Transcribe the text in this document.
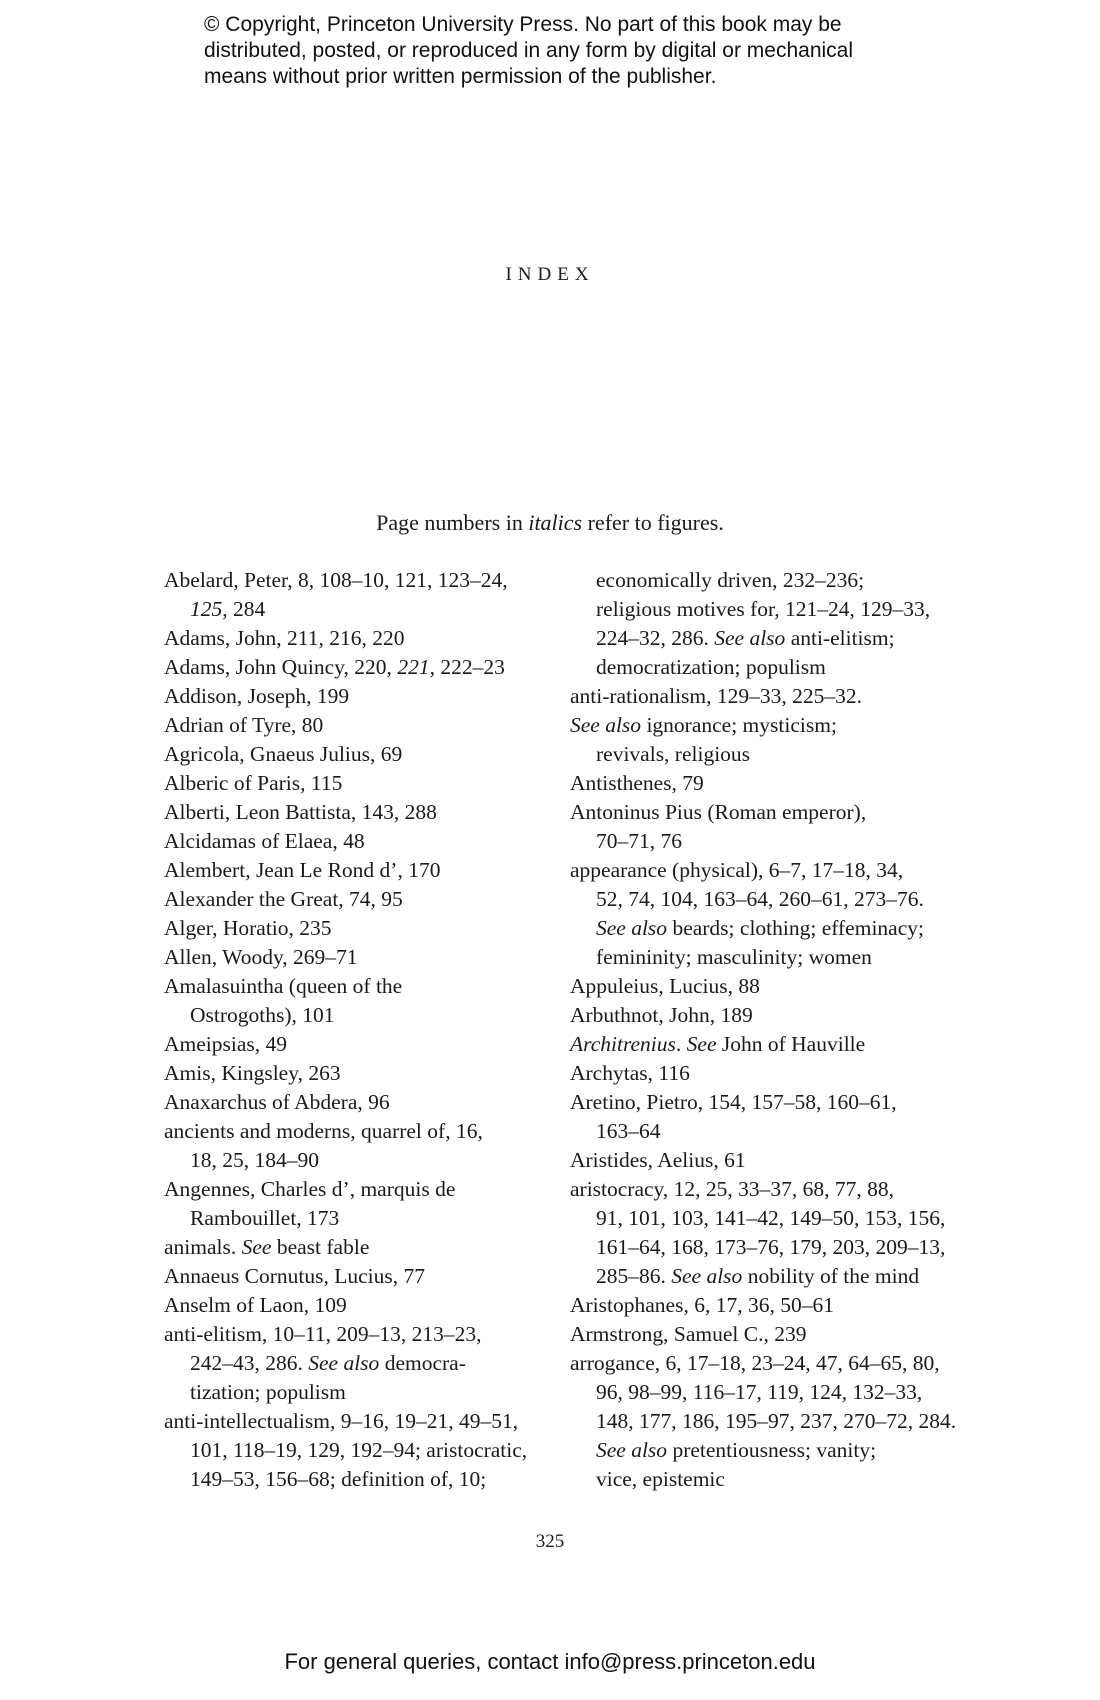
© Copyright, Princeton University Press. No part of this book may be
distributed, posted, or reproduced in any form by digital or mechanical
means without prior written permission of the publisher.
index
Page numbers in italics refer to figures.
Abelard, Peter, 8, 108–10, 121, 123–24,
125, 284
Adams, John, 211, 216, 220
Adams, John Quincy, 220, 221, 222–23
Addison, Joseph, 199
Adrian of Tyre, 80
Agricola, Gnaeus Julius, 69
Alberic of Paris, 115
Alberti, Leon Battista, 143, 288
Alcidamas of Elaea, 48
Alembert, Jean Le Rond d’, 170
Alexander the Great, 74, 95
Alger, Horatio, 235
Allen, Woody, 269–71
Amalasuintha (queen of the
Ostrogoths), 101
Ameipsias, 49
Amis, Kingsley, 263
Anaxarchus of Abdera, 96
ancients and moderns, quarrel of, 16,
18, 25, 184–90
Angennes, Charles d’, marquis de
Rambouillet, 173
animals. See beast fable
Annaeus Cornutus, Lucius, 77
Anselm of Laon, 109
anti-elitism, 10–11, 209–13, 213–23,
242–43, 286. See also democra-
tization; populism
anti-intellectualism, 9–16, 19–21, 49–51,
101, 118–19, 129, 192–94; aristocratic,
149–53, 156–68; definition of, 10;
economically driven, 232–236;
religious motives for, 121–24, 129–33,
224–32, 286. See also anti-elitism;
democratization; populism
anti-rationalism, 129–33, 225–32.
See also ignorance; mysticism;
revivals, religious
Antisthenes, 79
Antoninus Pius (Roman emperor),
70–71, 76
appearance (physical), 6–7, 17–18, 34,
52, 74, 104, 163–64, 260–61, 273–76.
See also beards; clothing; effeminacy;
femininity; masculinity; women
Appuleius, Lucius, 88
Arbuthnot, John, 189
Architrenius. See John of Hauville
Archytas, 116
Aretino, Pietro, 154, 157–58, 160–61,
163–64
Aristides, Aelius, 61
aristocracy, 12, 25, 33–37, 68, 77, 88,
91, 101, 103, 141–42, 149–50, 153, 156,
161–64, 168, 173–76, 179, 203, 209–13,
285–86. See also nobility of the mind
Aristophanes, 6, 17, 36, 50–61
Armstrong, Samuel C., 239
arrogance, 6, 17–18, 23–24, 47, 64–65, 80,
96, 98–99, 116–17, 119, 124, 132–33,
148, 177, 186, 195–97, 237, 270–72, 284.
See also pretentiousness; vanity;
vice, epistemic
325
For general queries, contact info@press.princeton.edu
